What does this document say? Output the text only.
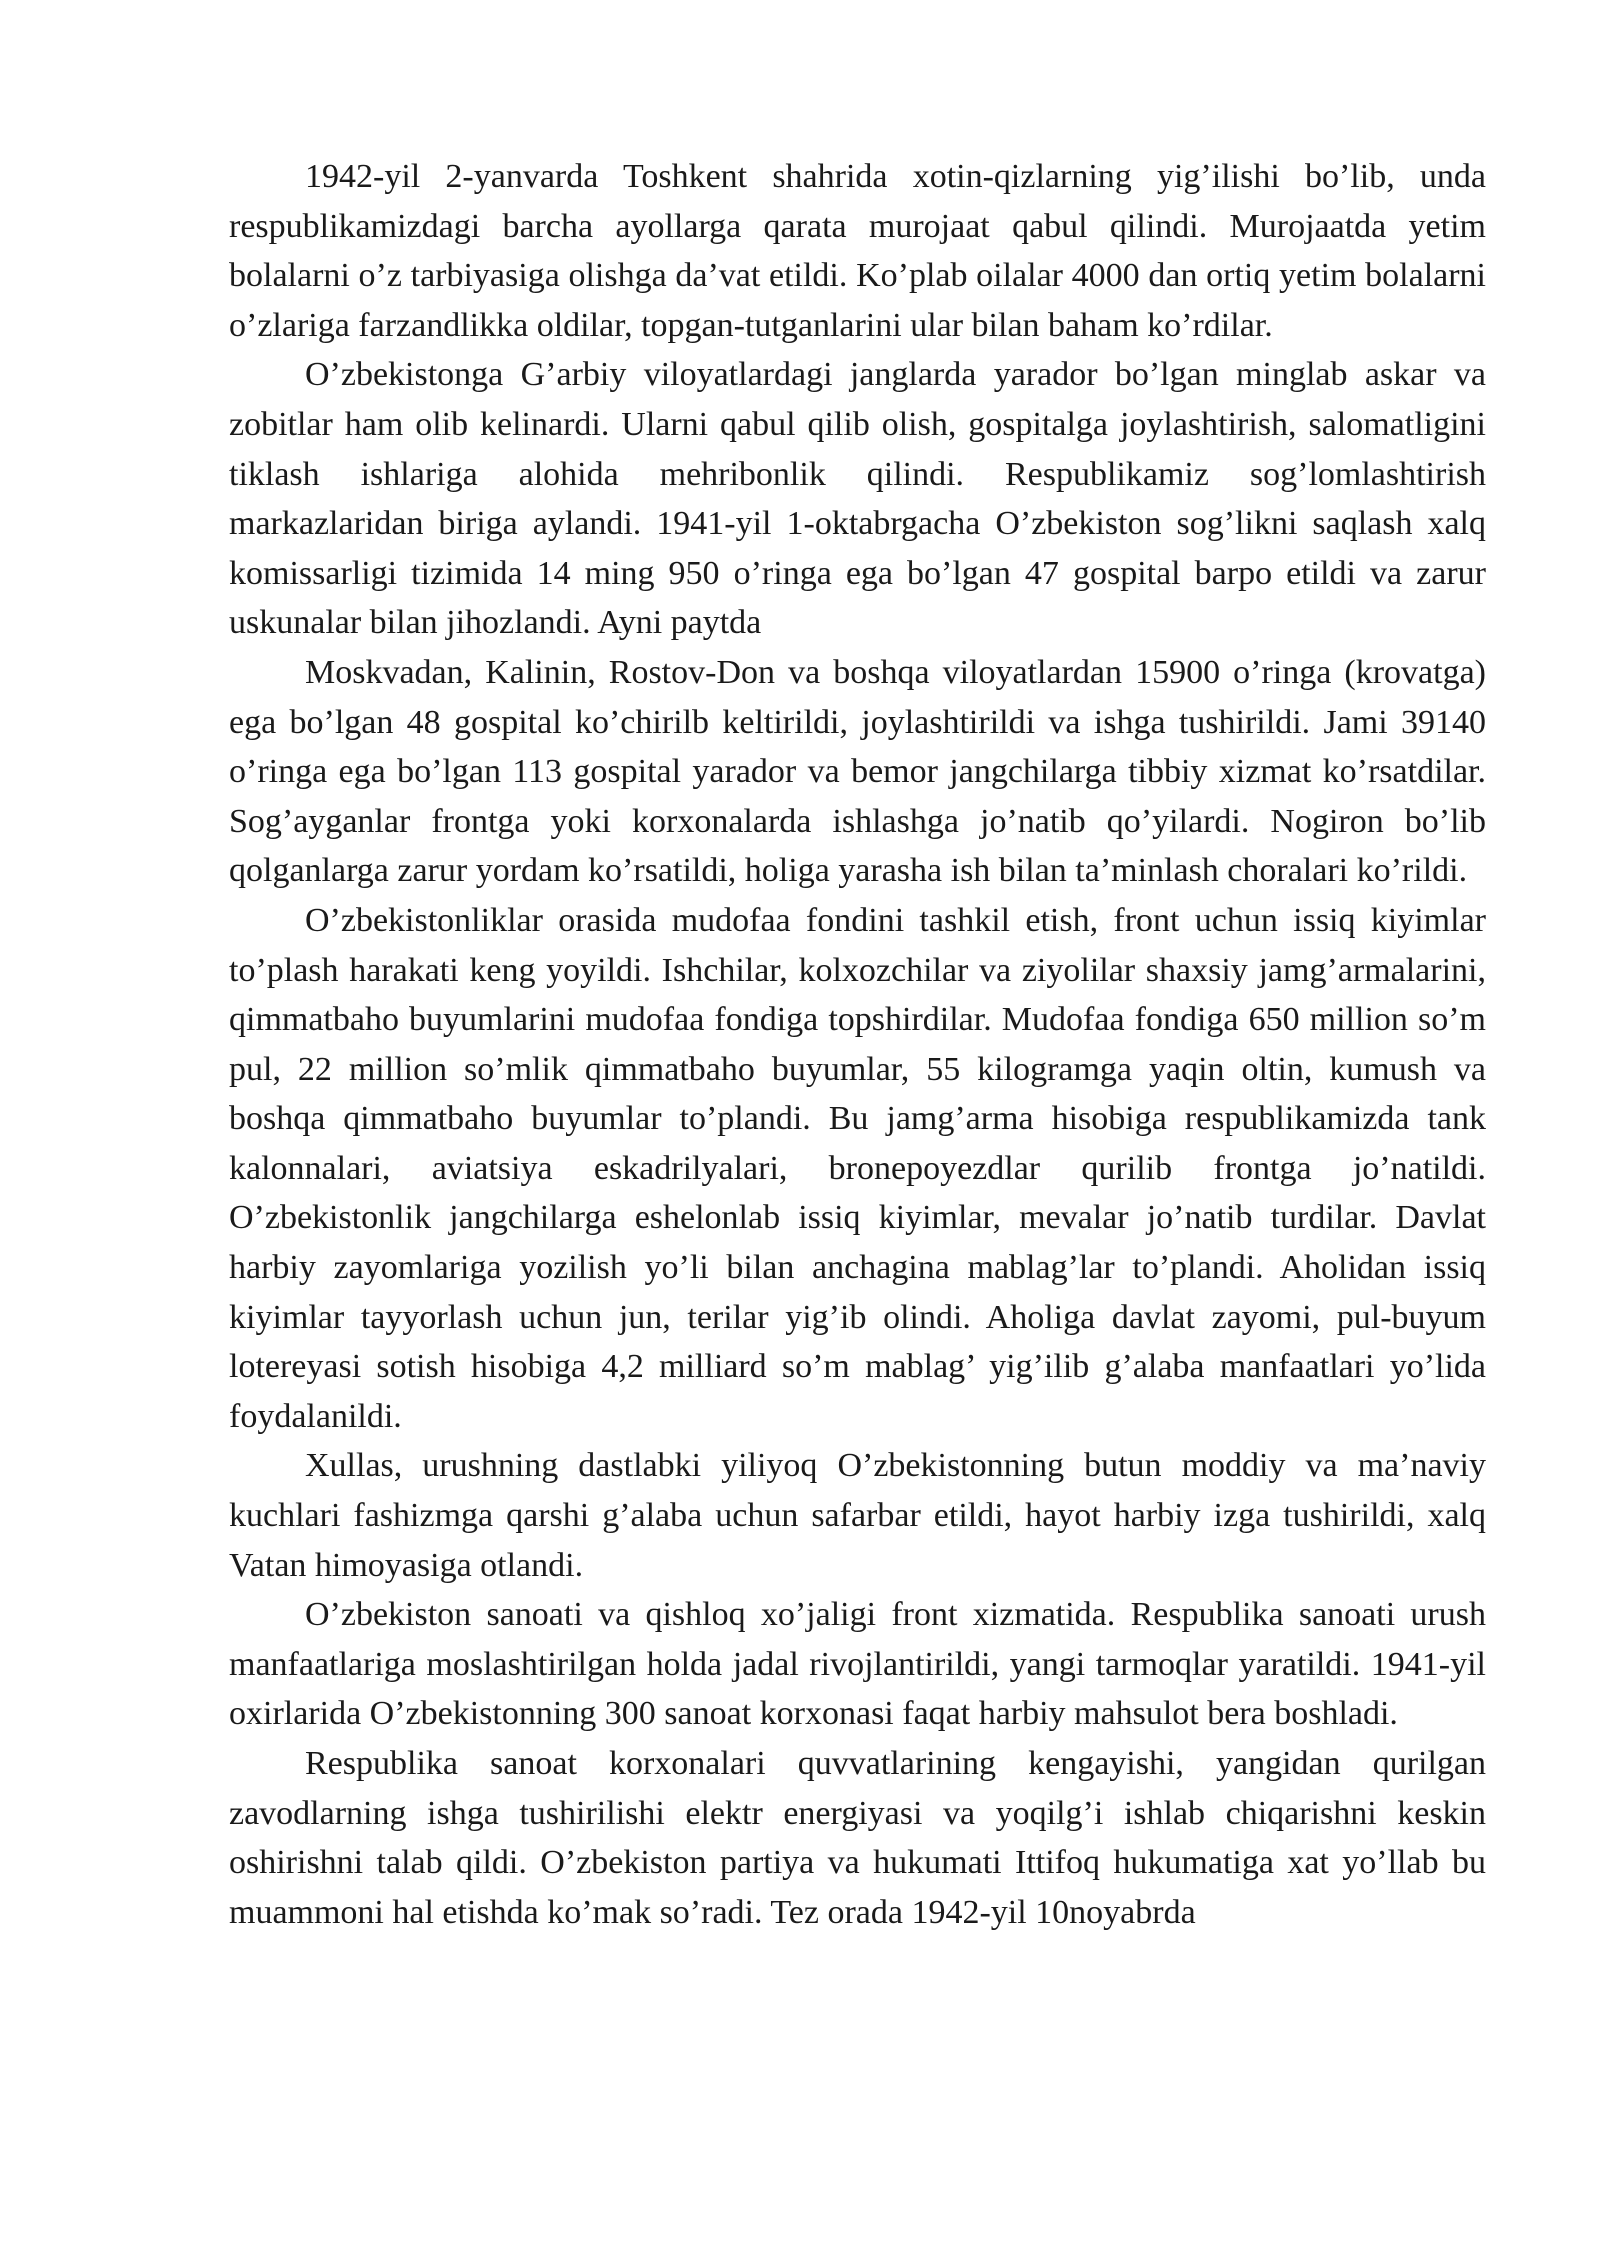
1942-yil 2-yanvarda Toshkent shahrida xotin-qizlarning yig’ilishi bo’lib, unda respublikamizdagi barcha ayollarga qarata murojaat qabul qilindi. Murojaatda yetim bolalarni o’z tarbiyasiga olishga da’vat etildi. Ko’plab oilalar 4000 dan ortiq yetim bolalarni o’zlariga farzandlikka oldilar, topgan-tutganlarini ular bilan baham ko’rdilar.

O’zbekistonga G’arbiy viloyatlardagi janglarda yarador bo’lgan minglab askar va zobitlar ham olib kelinardi. Ularni qabul qilib olish, gospitalga joylashtirish, salomatligini tiklash ishlariga alohida mehribonlik qilindi. Respublikamiz sog’lomlashtirish markazlaridan biriga aylandi. 1941-yil 1-oktabrgacha O’zbekiston sog’likni saqlash xalq komissarligi tizimida 14 ming 950 o’ringa ega bo’lgan 47 gospital barpo etildi va zarur uskunalar bilan jihozlandi. Ayni paytda

Moskvadan, Kalinin, Rostov-Don va boshqa viloyatlardan 15900 o’ringa (krovatga) ega bo’lgan 48 gospital ko’chirilb keltirildi, joylashtirildi va ishga tushirildi. Jami 39140 o’ringa ega bo’lgan 113 gospital yarador va bemor jangchilarga tibbiy xizmat ko’rsatdilar. Sog’ayganlar frontga yoki korxonalarda ishlashga jo’natib qo’yilardi. Nogiron bo’lib qolganlarga zarur yordam ko’rsatildi, holiga yarasha ish bilan ta’minlash choralari ko’rildi.

O’zbekistonliklar orasida mudofaa fondini tashkil etish, front uchun issiq kiyimlar to’plash harakati keng yoyildi. Ishchilar, kolxozchilar va ziyolilar shaxsiy jamg’armalarini, qimmatbaho buyumlarini mudofaa fondiga topshirdilar. Mudofaa fondiga 650 million so’m pul, 22 million so’mlik qimmatbaho buyumlar, 55 kilogramga yaqin oltin, kumush va boshqa qimmatbaho buyumlar to’plandi. Bu jamg’arma hisobiga respublikamizda tank kalonnalari, aviatsiya eskadrilyalari, bronepoyezdlar qurilib frontga jo’natildi. O’zbekistonlik jangchilarga eshelonlab issiq kiyimlar, mevalar jo’natib turdilar. Davlat harbiy zayomlariga yozilish yo’li bilan anchagina mablag’lar to’plandi. Aholidan issiq kiyimlar tayyorlash uchun jun, terilar yig’ib olindi. Aholiga davlat zayomi, pul-buyum lotereyasi sotish hisobiga 4,2 milliard so’m mablag’ yig’ilib g’alaba manfaatlari yo’lida foydalanildi.

Xullas, urushning dastlabki yiliyoq O’zbekistonning butun moddiy va ma’naviy kuchlari fashizmga qarshi g’alaba uchun safarbar etildi, hayot harbiy izga tushirildi, xalq Vatan himoyasiga otlandi.

O’zbekiston sanoati va qishloq xo’jaligi front xizmatida. Respublika sanoati urush manfaatlariga moslashtirilgan holda jadal rivojlantirildi, yangi tarmoqlar yaratildi. 1941-yil oxirlarida O’zbekistonning 300 sanoat korxonasi faqat harbiy mahsulot bera boshladi.

Respublika sanoat korxonalari quvvatlarining kengayishi, yangidan qurilgan zavodlarning ishga tushirilishi elektr energiyasi va yoqilg’i ishlab chiqarishni keskin oshirishni talab qildi. O’zbekiston partiya va hukumati Ittifoq hukumatiga xat yo’llab bu muammoni hal etishda ko’mak so’radi. Tez orada 1942-yil 10noyabrda
